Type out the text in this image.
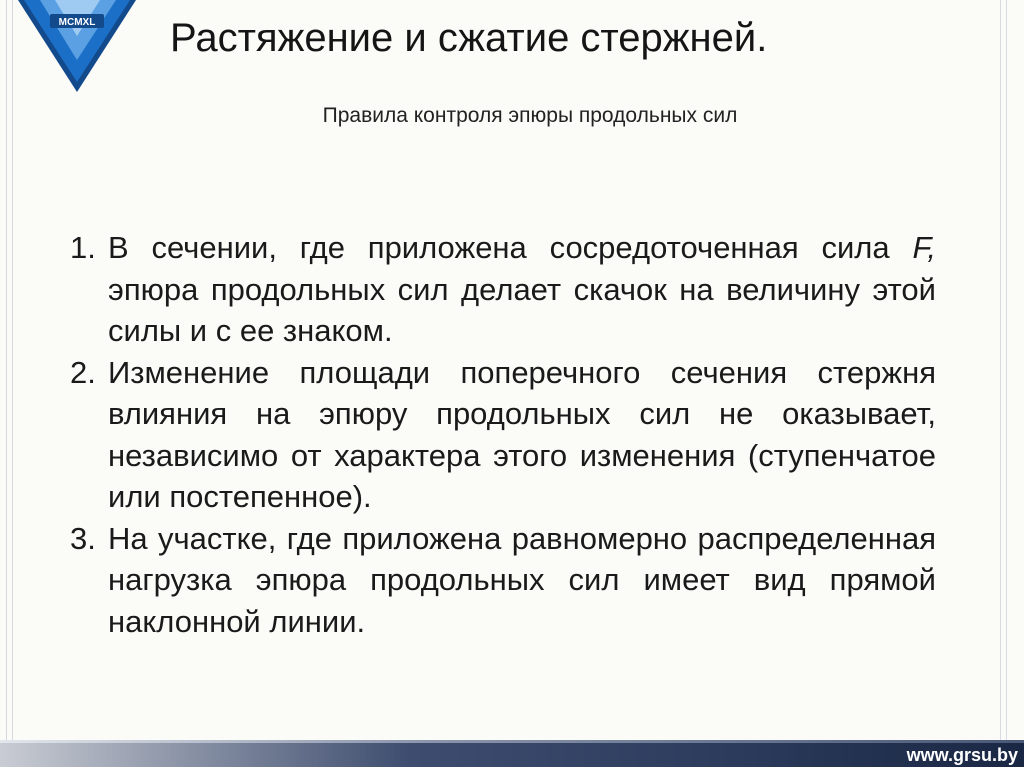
MCMXL Растяжение и сжатие стержней.
Правила контроля эпюры продольных сил
1. В сечении, где приложена сосредоточенная сила F, эпюра продольных сил делает скачок на величину этой силы и с ее знаком.
2. Изменение площади поперечного сечения стержня влияния на эпюру продольных сил не оказывает, независимо от характера этого изменения (ступенчатое или постепенное).
3. На участке, где приложена равномерно распределенная нагрузка эпюра продольных сил имеет вид прямой наклонной линии.
www.grsu.by
